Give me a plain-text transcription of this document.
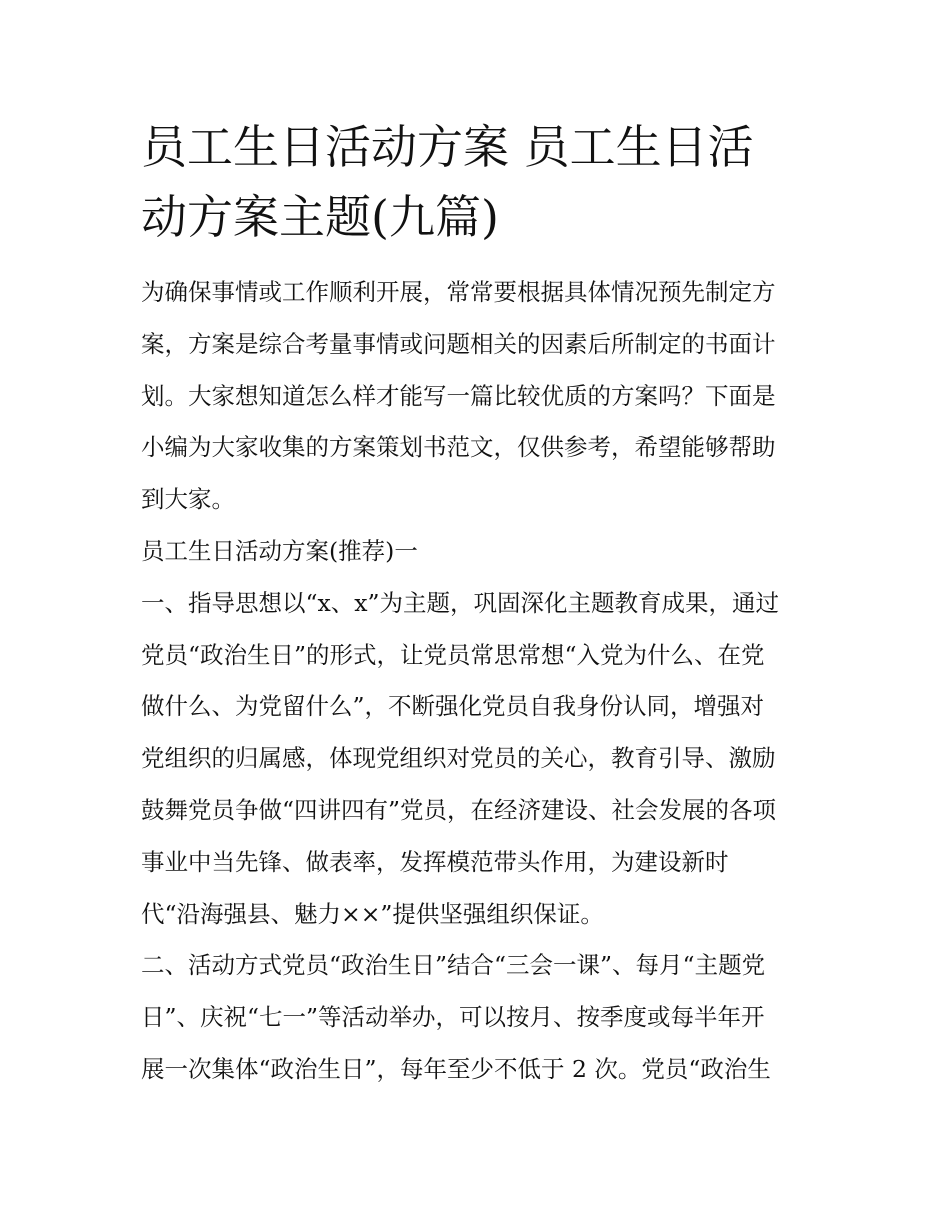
员工生日活动方案 员工生日活
动方案主题(九篇)

为确保事情或工作顺利开展，常常要根据具体情况预先制定方
案，方案是综合考量事情或问题相关的因素后所制定的书面计
划。大家想知道怎么样才能写一篇比较优质的方案吗？下面是
小编为大家收集的方案策划书范文，仅供参考，希望能够帮助
到大家。

员工生日活动方案(推荐)一

一、指导思想以“x、x”为主题，巩固深化主题教育成果，通过
党员“政治生日”的形式，让党员常思常想“入党为什么、在党
做什么、为党留什么”，不断强化党员自我身份认同，增强对
党组织的归属感，体现党组织对党员的关心，教育引导、激励
鼓舞党员争做“四讲四有”党员，在经济建设、社会发展的各项
事业中当先锋、做表率，发挥模范带头作用，为建设新时
代“沿海强县、魅力××”提供坚强组织保证。

二、活动方式党员“政治生日”结合“三会一课”、每月“主题党
日”、庆祝“七一”等活动举办，可以按月、按季度或每半年开
展一次集体“政治生日”，每年至少不低于 2 次。党员“政治生
